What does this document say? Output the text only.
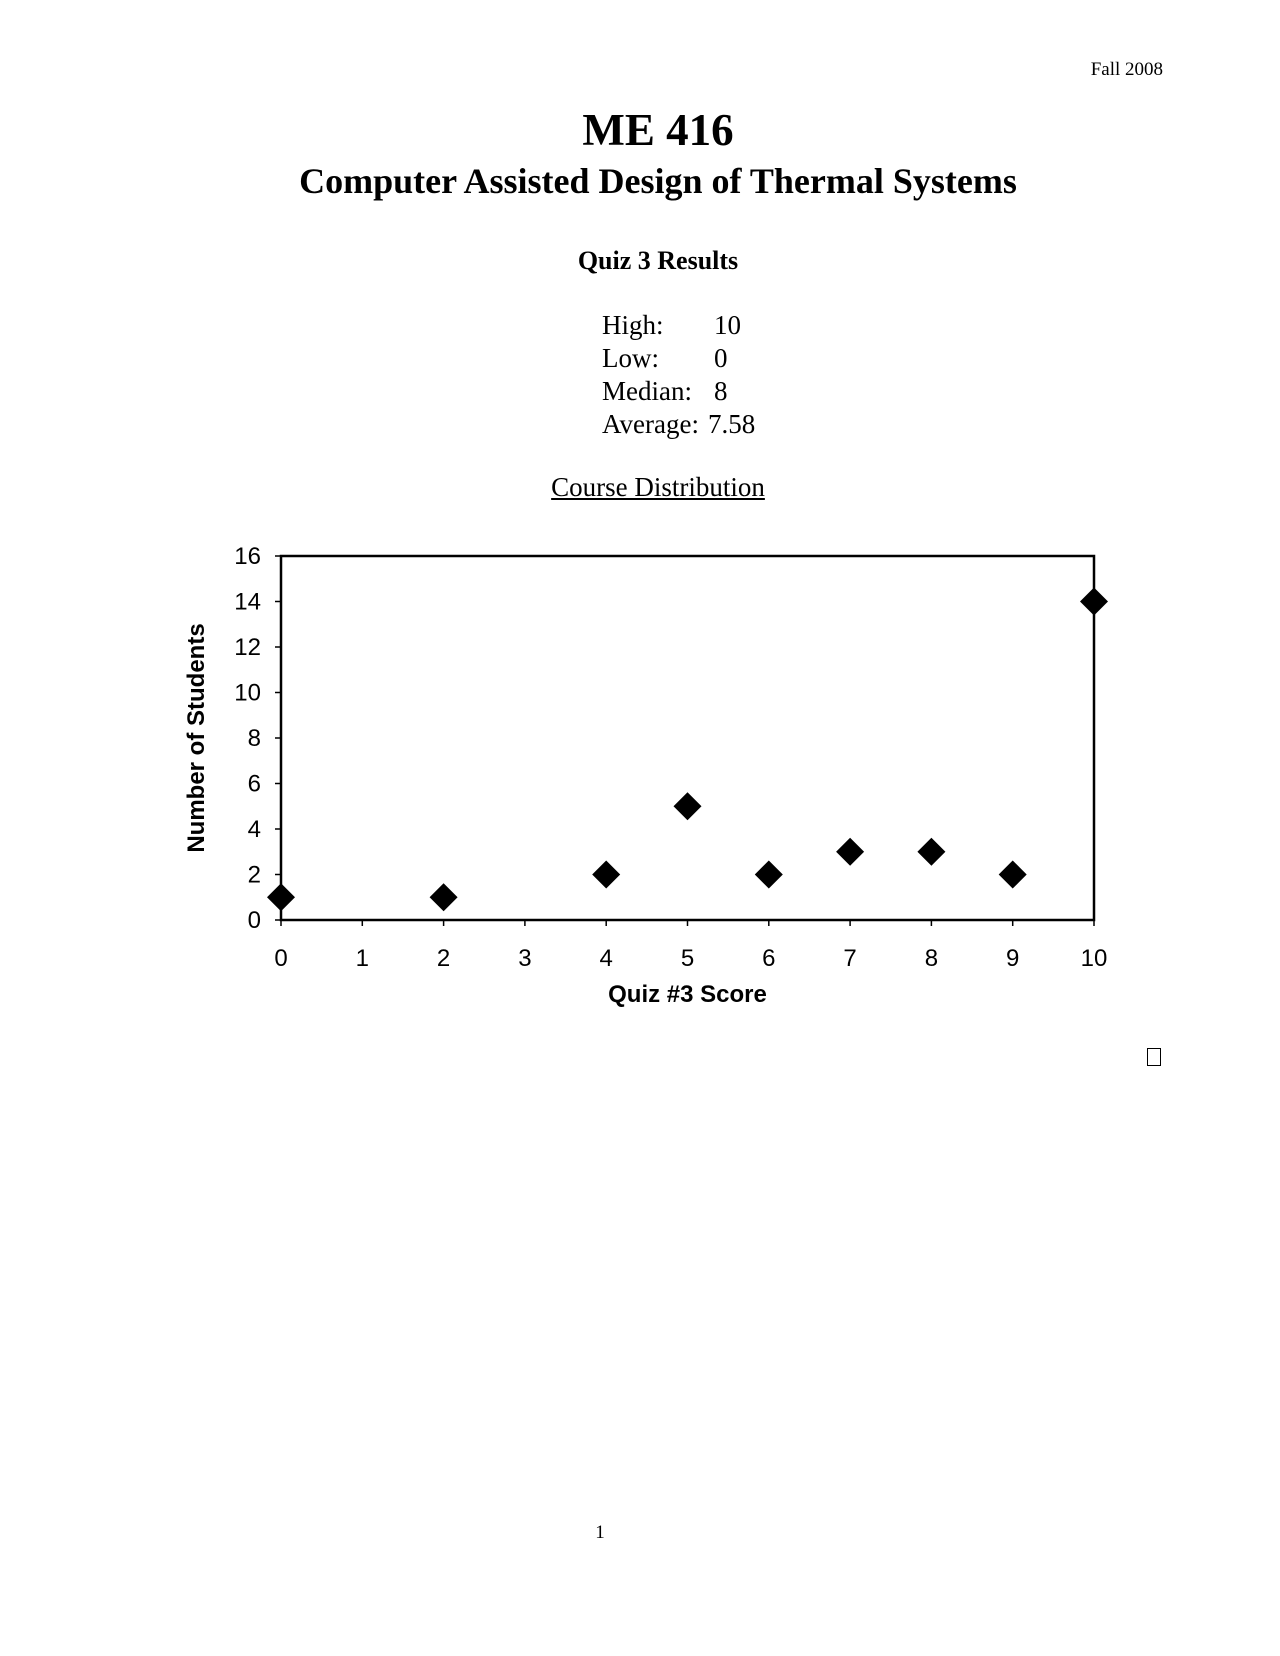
Fall 2008
ME 416
Computer Assisted Design of Thermal Systems
Quiz 3 Results
High:	10
Low:	0
Median: 8
Average: 7.58
Course Distribution
0
2
4
6
8
10
12
14
16
0	1	2	3	4	5	6	7	8	9	10
Quiz #3 Score
Number of Students
1
